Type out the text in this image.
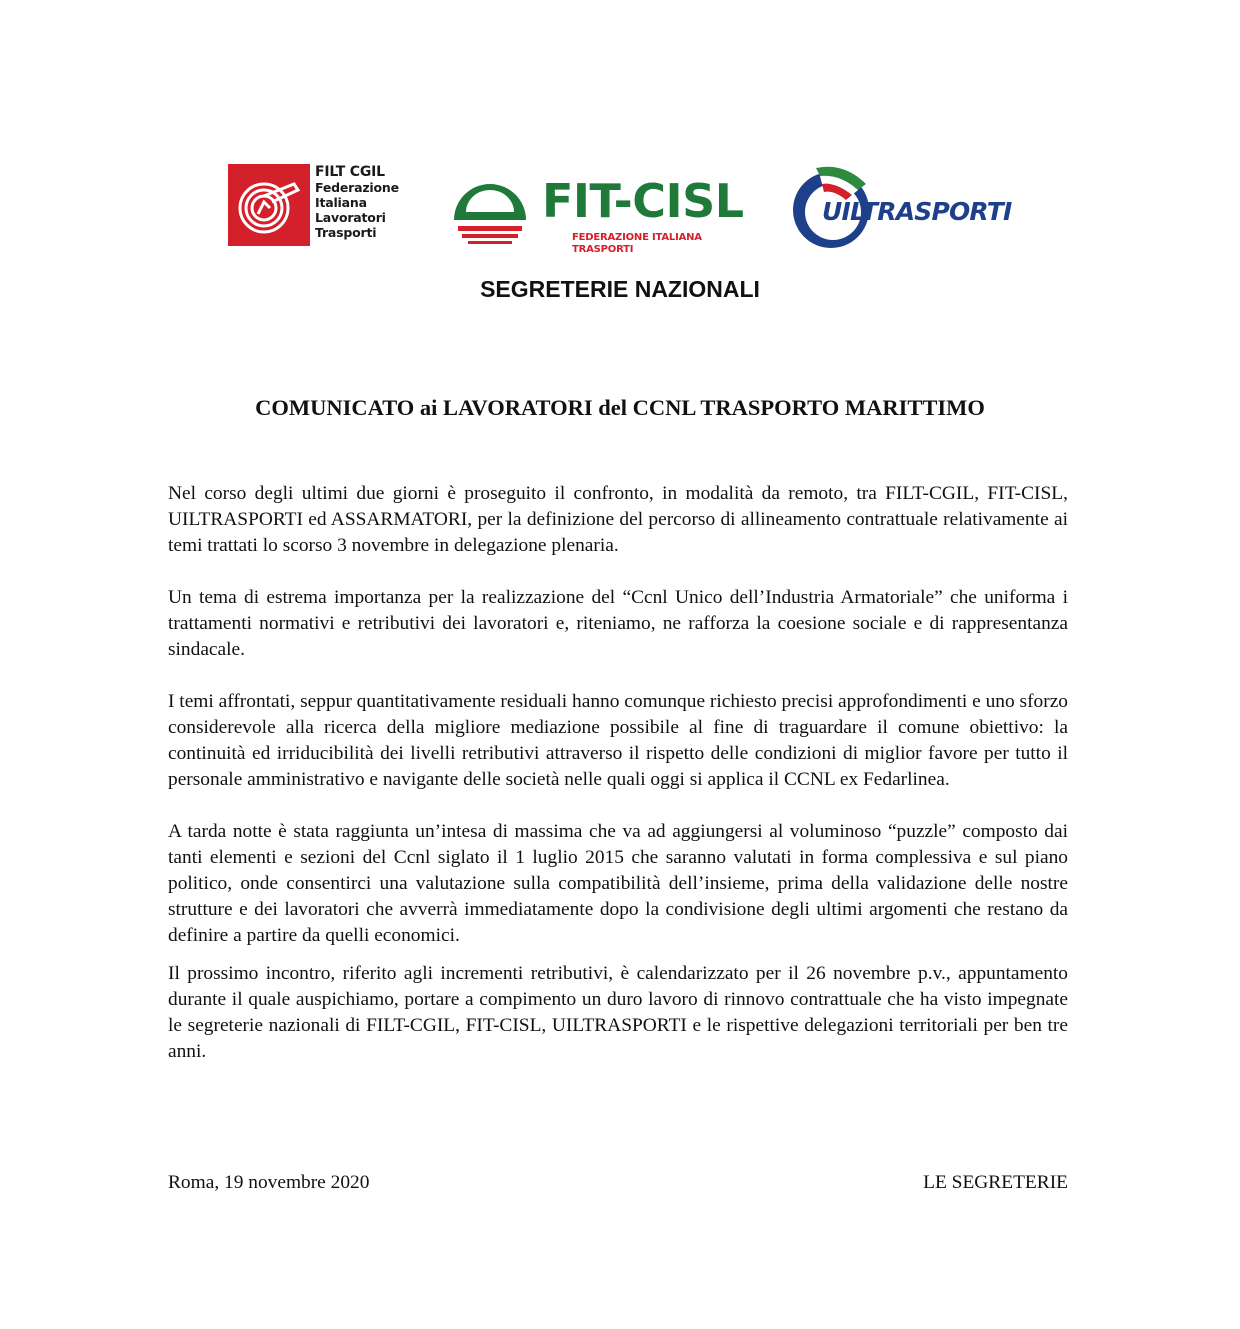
FILT CGIL
Federazione
Italiana
Lavoratori
Trasporti
FIT-CISL
FEDERAZIONE ITALIANA TRASPORTI
UILTRASPORTI
SEGRETERIE NAZIONALI
COMUNICATO ai LAVORATORI del CCNL TRASPORTO MARITTIMO

Nel corso degli ultimi due giorni è proseguito il confronto, in modalità da remoto, tra FILT-CGIL, FIT-CISL, UILTRASPORTI ed ASSARMATORI, per la definizione del percorso di allineamento contrattuale relativamente ai temi trattati lo scorso 3 novembre in delegazione plenaria.

Un tema di estrema importanza per la realizzazione del “Ccnl Unico dell’Industria Armatoriale” che uniforma i trattamenti normativi e retributivi dei lavoratori e, riteniamo, ne rafforza la coesione sociale e di rappresentanza sindacale.

I temi affrontati, seppur quantitativamente residuali hanno comunque richiesto precisi approfondimenti e uno sforzo considerevole alla ricerca della migliore mediazione possibile al fine di traguardare il comune obiettivo: la continuità ed irriducibilità dei livelli retributivi attraverso il rispetto delle condizioni di miglior favore per tutto il personale amministrativo e navigante delle società nelle quali oggi si applica il CCNL ex Fedarlinea.

A tarda notte è stata raggiunta un’intesa di massima che va ad aggiungersi al voluminoso “puzzle” composto dai tanti elementi e sezioni del Ccnl siglato il 1 luglio 2015 che saranno valutati in forma complessiva e sul piano politico, onde consentirci una valutazione sulla compatibilità dell’insieme, prima della validazione delle nostre strutture e dei lavoratori che avverrà immediatamente dopo la condivisione degli ultimi argomenti che restano da definire a partire da quelli economici.

Il prossimo incontro, riferito agli incrementi retributivi, è calendarizzato per il 26 novembre p.v., appuntamento durante il quale auspichiamo, portare a compimento un duro lavoro di rinnovo contrattuale che ha visto impegnate le segreterie nazionali di FILT-CGIL, FIT-CISL, UILTRASPORTI e le rispettive delegazioni territoriali per ben tre anni.

Roma, 19 novembre 2020	LE SEGRETERIE
